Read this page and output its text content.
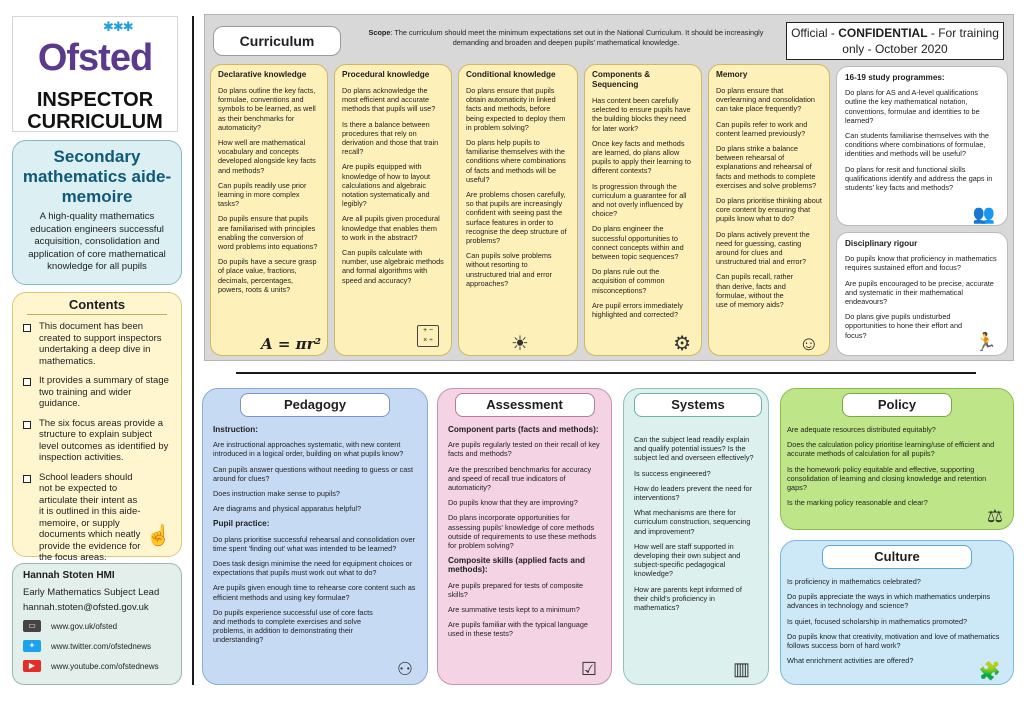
✱✱✱
Ofsted
INSPECTOR CURRICULUM
Secondary mathematics aide-memoire
A high-quality mathematics education engineers successful acquisition, consolidation and application of core mathematical knowledge for all pupils
Contents
This document has been created to support inspectors undertaking a deep dive in mathematics.
It provides a summary of stage two training and wider guidance.
The six focus areas provide a structure to explain subject level outcomes as identified by inspection activities.
School leaders should not be expected to articulate their intent as it is outlined in this aide-memoire, or supply documents which neatly provide the evidence for the focus areas.
☝
Hannah Stoten HMI
Early Mathematics Subject Lead
hannah.stoten@ofsted.gov.uk
▭	www.gov.uk/ofsted
✦	www.twitter.com/ofstednews
▶	www.youtube.com/ofstednews
Curriculum
Scope: The curriculum should meet the minimum expectations set out in the National Curriculum. It should be increasingly demanding and broaden and deepen pupils' mathematical knowledge.
Official - CONFIDENTIAL - For training only - October 2020
Declarative knowledge

Do plans outline the key facts, formulae, conventions and symbols to be learned, as well as their benchmarks for automaticity?

How well are mathematical vocabulary and concepts developed alongside key facts and methods?

Can pupils readily use prior learning in more complex tasks?

Do pupils ensure that pupils are familiarised with principles enabling the conversion of word problems into equations?

Do pupils have a secure grasp of place value, fractions, decimals, percentages, powers, roots & units?

A = πr²
Procedural knowledge

Do plans acknowledge the most efficient and accurate methods that pupils will use?

Is there a balance between procedures that rely on derivation and those that train recall?

Are pupils equipped with knowledge of how to layout calculations and algebraic notation systematically and legibly?

Are all pupils given procedural knowledge that enables them to work in the abstract?

Can pupils calculate with number, use algebraic methods and formal algorithms with speed and accuracy?

+ −
× ÷
Conditional knowledge

Do plans ensure that pupils obtain automaticity in linked facts and methods, before being expected to deploy them in problem solving?

Do plans help pupils to familiarise themselves with the conditions where combinations of facts and methods will be useful?

Are problems chosen carefully, so that pupils are increasingly confident with seeing past the surface features in order to recognise the deep structure of problems?

Can pupils solve problems without resorting to unstructured trial and error approaches?

☀
Components & Sequencing

Has content been carefully selected to ensure pupils have the building blocks they need for later work?

Once key facts and methods are learned, do plans allow pupils to apply their learning to different contexts?

Is progression through the curriculum a guarantee for all and not overly influenced by choice?

Do plans engineer the successful opportunities to connect concepts within and between topic sequences?

Do plans rule out the acquisition of common misconceptions?

Are pupil errors immediately highlighted and corrected?

⚙
Memory

Do plans ensure that overlearning and consolidation can take place frequently?

Can pupils refer to work and content learned previously?

Do plans strike a balance between rehearsal of explanations and rehearsal of facts and methods to complete exercises and solve problems?

Do plans prioritise thinking about core content by ensuring that pupils know what to do?

Do plans actively prevent the need for guessing, casting around for clues and unstructured trial and error?

Can pupils recall, rather than derive, facts and formulae, without the use of memory aids?

☺
16-19 study programmes:

Do plans for AS and A-level qualifications outline the key mathematical notation, conventions, formulae and identities to be learned?

Can students familiarise themselves with the conditions where combinations of formulae, identities and methods will be useful?

Do plans for resit and functional skills qualifications identify and address the gaps in students' key facts and methods?

👥
Disciplinary rigour

Do pupils know that proficiency in mathematics requires sustained effort and focus?

Are pupils encouraged to be precise, accurate and systematic in their mathematical endeavours?

Do plans give pupils undisturbed opportunities to hone their effort and focus?	🏃
Pedagogy
Instruction:

Are instructional approaches systematic, with new content introduced in a logical order, building on what pupils know?

Can pupils answer questions without needing to guess or cast around for clues?

Does instruction make sense to pupils?

Are diagrams and physical apparatus helpful?

Pupil practice:

Do plans prioritise successful rehearsal and consolidation over time spent 'finding out' what was intended to be learned?

Does task design minimise the need for equipment choices or expectations that pupils must work out what to do?

Are pupils given enough time to rehearse core content such as efficient methods and using key formulae?

Do pupils experience successful use of core facts and methods to complete exercises and solve problems, in addition to demonstrating their understanding?

⚇
Assessment
Component parts (facts and methods):

Are pupils regularly tested on their recall of key facts and methods?

Are the prescribed benchmarks for accuracy and speed of recall true indicators of automaticity?

Do pupils know that they are improving?

Do plans incorporate opportunities for assessing pupils' knowledge of core methods outside of requirements to use these methods for problem solving?

Composite skills (applied facts and methods):

Are pupils prepared for tests of composite skills?

Are summative tests kept to a minimum?

Are pupils familiar with the typical language used in these tests?

☑
Systems

Can the subject lead readily explain and qualify potential issues? Is the subject led and overseen effectively?

Is success engineered?

How do leaders prevent the need for interventions?

What mechanisms are there for curriculum construction, sequencing and improvement?

How well are staff supported in developing their own subject and subject-specific pedagogical knowledge?

How are parents kept informed of their child's proficiency in mathematics?

▥
Policy

Are adequate resources distributed equitably?

Does the calculation policy prioritise learning/use of efficient and accurate methods of calculation for all pupils?

Is the homework policy equitable and effective, supporting consolidation of learning and closing knowledge and retention gaps?

Is the marking policy reasonable and clear?

⚖
Culture

Is proficiency in mathematics celebrated?

Do pupils appreciate the ways in which mathematics underpins advances in technology and science?

Is quiet, focused scholarship in mathematics promoted?

Do pupils know that creativity, motivation and love of mathematics follows success born of hard work?

What enrichment activities are offered?

🧩
